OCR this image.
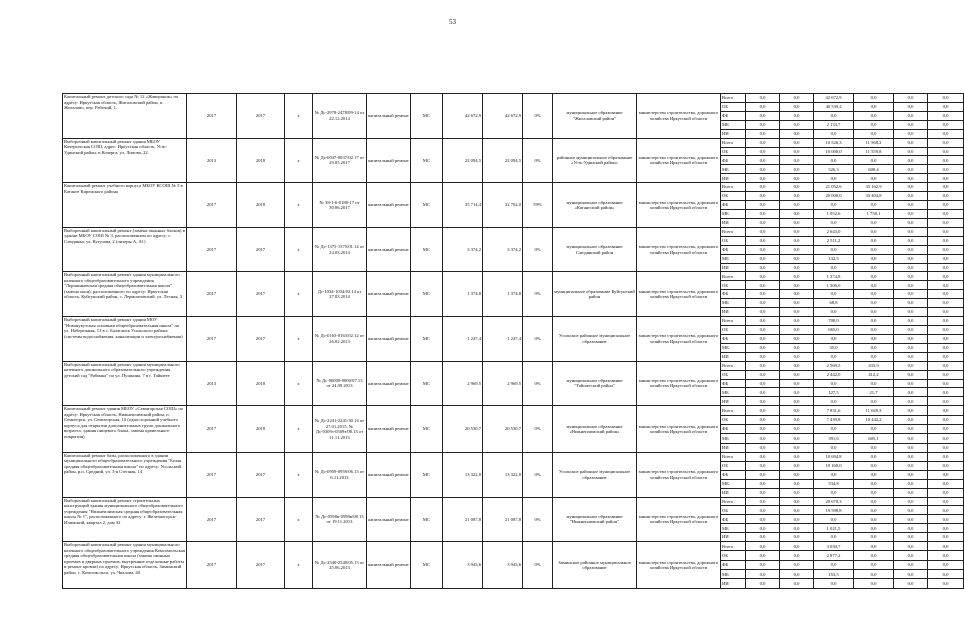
53
Капитальный ремонт детского сада № 12 «Жаворонок» по адресу: Иркутская область, Жигаловский район, п. Жигалово, пер. Рабочий, 1.	2017	2017	х	№ Дс-2978-2478/09-14 от 22.12.2014	капитальный ремонт	МС	42 672,9	42 672,9	0%	муниципальное образование "Жигаловский район"	министерство строительства, дорожного хозяйства Иркутской области	Всего	0,0	0,0	42 672,9	0,0	0,0	0,0
												ОБ	0,0	0,0	40 539,2	0,0	0,0	0,0
												ФБ	0,0	0,0	0,0	0,0	0,0	0,0
												МБ	0,0	0,0	2 133,7	0,0	0,0	0,0
												ИИ	0,0	0,0	0,0	0,0	0,0	0,0
Выборочный капитальный ремонт здания МБОУ Кочергатская СОШ, адрес: Иркутская область, Усть-Удинский район, п.Кочерга, ул. Ломова, 22.	2013	2018	х	№ Дс-0037-0037/02.17 от 29.05.2017	капитальный ремонт	МС	22 094,5	22 094,5	0%	районное муниципальное образование «Усть-Удинский район»	министерство строительства, дорожного хозяйства Иркутской области	Всего	0,0	0,0	10 526,3	11 568,2	0,0	0,0
												ОБ	0,0	0,0	10 000,0	11 559,8	0,0	0,0
												ФБ	0,0	0,0	0,0	0,0	0,0	0,0
												МБ	0,0	0,0	526,3	608,4	0,0	0,0
												ИИ	0,0	0,0	0,0	0,0	0,0	0,0
Капитальный ремонт учебного корпуса МБОУ КСОШ № 5 в Катанге Киренского района	2017	2018	х	№ 38-1-6-0188-17 от 30.06.2017	капитальный ремонт	МС	35 714,4	32 702,0	59%	муниципальное образование «Катангский район»	министерство строительства, дорожного хозяйства Иркутской области	Всего	0,0	0,0	21 052,6	35 162,9	0,0	0,0
												ОБ	0,0	0,0	20 000,0	33 404,8	0,0	0,0
												ФБ	0,0	0,0	0,0	0,0	0,0	0,0
												МБ	0,0	0,0	1 052,6	1 758,1	0,0	0,0
												ИИ	0,0	0,0	0,0	0,0	0,0	0,0
Выборочный капитальный ремонт (замена оконных блоков) в здании МБОУ СОШ № 3, расположенном по адресу: г. Слюдянка, ул. Кутузова, 2 (литеры А, А1)	2017	2017	х	№ Дс-1375-1375/01.14 от 24.03.2014	капитальный ремонт	МС	3 374,2	3 374,2	0%	муниципальное образование Слюдянский район	министерство строительства, дорожного хозяйства Иркутской области	Всего	0,0	0,0	2 643,0	0,0	0,0	0,0
												ОБ	0,0	0,0	2 511,2	0,0	0,0	0,0
												ФБ	0,0	0,0	0,0	0,0	0,0	0,0
												МБ	0,0	0,0	132,5	0,0	0,0	0,0
												ИИ	0,0	0,0	0,0	0,0	0,0	0,0
Выборочный капитальный ремонт здания муниципального казенного общеобразовательного учреждения "Лоршинковская средняя общеобразовательная школа" (замена окон), расположенного по адресу: Иркутская область, Куйтунский район, с. Лермонтовский, ул. Лесная, 3	2017	2017	х	Дс-1034-1034/02.14 от 27.03.2014	капитальный ремонт	МС	1 374,8	1 374,8	0%	муниципальное образование Куйтунский район	министерство строительства, дорожного хозяйства Иркутской области	Всего	0,0	0,0	1 374,8	0,0	0,0	0,0
												ОБ	0,0	0,0	1 306,0	0,0	0,0	0,0
												ФБ	0,0	0,0	0,0	0,0	0,0	0,0
												МБ	0,0	0,0	68,8	0,0	0,0	0,0
												ИИ	0,0	0,0	0,0	0,0	0,0	0,0
Выборочный капитальный ремонт здания МОУ "Новонукутская основная общеобразовательная школа" по ул. Набережная, 13 в с. Балаганск Усольского района (системы водоснабжения, канализации и электроснабжения)	2017	2017	х	№ Дс-0163-0163/02.12 от 26.02.2013	капитальный ремонт	МС	1 247,4	1 247,4	0%	Усольское районное муниципальное образование	министерство строительства, дорожного хозяйства Иркутской области	Всего	0,0	0,0	700,0	0,0	0,0	0,0
												ОБ	0,0	0,0	665,0	0,0	0,0	0,0
												ФБ	0,0	0,0	0,0	0,0	0,0	0,0
												МБ	0,0	0,0	35,0	0,0	0,0	0,0
												ИИ	0,0	0,0	0,0	0,0	0,0	0,0
Выборочный капитальный ремонт здания муниципального казенного дошкольного образовательного учреждения детский сад "Рябинка" по ул. Пушкина, 7 в г. Тайшете	2013	2018	х	№ Дс-00000-0000/07.13 от 24.09.2013	капитальный ремонт	МС	2 969,5	2 969,5	0%	муниципальное образование "Тайшетский район"	министерство строительства, дорожного хозяйства Иркутской области	Всего	0,0	0,0	2 569,5	433,9	0,0	0,0
												ОБ	0,0	0,0	2 442,0	412,2	0,0	0,0
												ФБ	0,0	0,0	0,0	0,0	0,0	0,0
												МБ	0,0	0,0	127,5	21,7	0,0	0,0
												ИИ	0,0	0,0	0,0	0,0	0,0	0,0
Капитальный ремонт здания МБОУ «Семигорская СОШ» по адресу: Иркутская область, Нижнеилимский район, п. Семигорск, ул. Семигорская, 10 (односторонний учебного корпуса для открытия дополнительных групп дошкольного возраста, здания пищевого блока, замена кровельного покрытия)	2017	2018	х	№ Дс-2241-2241/30.14 от 27.01.2015, № Дс-0309з-0309з/08.13 от 11.11.2013	капитальный ремонт	МС	20 530,7	20 530,7	0%	муниципальное образование «Нижнеилимский район»	министерство строительства, дорожного хозяйства Иркутской области	Всего	0,0	0,0	7 831,6	11 049,3	0,0	0,0
												ОБ	0,0	0,0	7 439,8	10 442,2	0,0	0,0
												ФБ	0,0	0,0	0,0	0,0	0,0	0,0
												МБ	0,0	0,0	391,6	605,1	0,0	0,0
												ИИ	0,0	0,0	0,0	0,0	0,0	0,0
Капитальный ремонт базы, расположенного в здании муниципального общеобразовательного учреждения "Белая средняя общеобразовательная школа" по адресу: Усольский район, р.п. Средний, ул. 3-я Степная, 14	2017	2017	х	№ Дс-0959-0959/06.13 от 6.11.2013	капитальный ремонт	МС	13 322,8	13 322,8	0%	Усольское районное муниципальное образование	министерство строительства, дорожного хозяйства Иркутской области	Всего	0,0	0,0	10 694,8	0,0	0,0	0,0
												ОБ	0,0	0,0	10 160,0	0,0	0,0	0,0
												ФБ	0,0	0,0	0,0	0,0	0,0	0,0
												МБ	0,0	0,0	534,8	0,0	0,0	0,0
												ИИ	0,0	0,0	0,0	0,0	0,0	0,0
Выборочный капитальный ремонт строительных конструкций здания муниципального общеобразовательного учреждения "Нижнеилимская средняя общеобразовательная школа № 1", расположенного по адресу: г. Железногорск-Илимский, квартал 2, дом 32	2017	2017	х	№ Дс-0598в-0598в/08.13 от 19.11.2013	капитальный ремонт	МС	21 087,8	21 087,8	0%	муниципальное образование "Нижнеилимский район"	министерство строительства, дорожного хозяйства Иркутской области	Всего	0,0	0,0	20 670,3	0,0	0,0	0,0
												ОБ	0,0	0,0	19 598,8	0,0	0,0	0,0
												ФБ	0,0	0,0	0,0	0,0	0,0	0,0
												МБ	0,0	0,0	1 021,5	0,0	0,0	0,0
												ИИ	0,0	0,0	0,0	0,0	0,0	0,0
Выборочный капитальный ремонт здания муниципального казенного общеобразовательного учреждения Комсомольская средняя общеобразовательная школа (замена оконных проемов и дверных проемов, внутренние отделочные работы и ремонт кровли) по адресу: Иркутская область, Зиминский район, с. Комсомольск, ул. Чкалова, 40	2017	2017	х	№ Дс-2540-2540/05.13 от 25.06.2013	капитальный ремонт	МС	3 943,6	3 943,6	0%	Зиминское районное муниципальное образование	министерство строительства, дорожного хозяйства Иркутской области	Всего	0,0	0,0	3 030,7	0,0	0,0	0,0
												ОБ	0,0	0,0	2 877,2	0,0	0,0	0,0
												ФБ	0,0	0,0	0,0	0,0	0,0	0,0
												МБ	0,0	0,0	153,5	0,0	0,0	0,0
												ИИ	0,0	0,0	0,0	0,0	0,0	0,0
